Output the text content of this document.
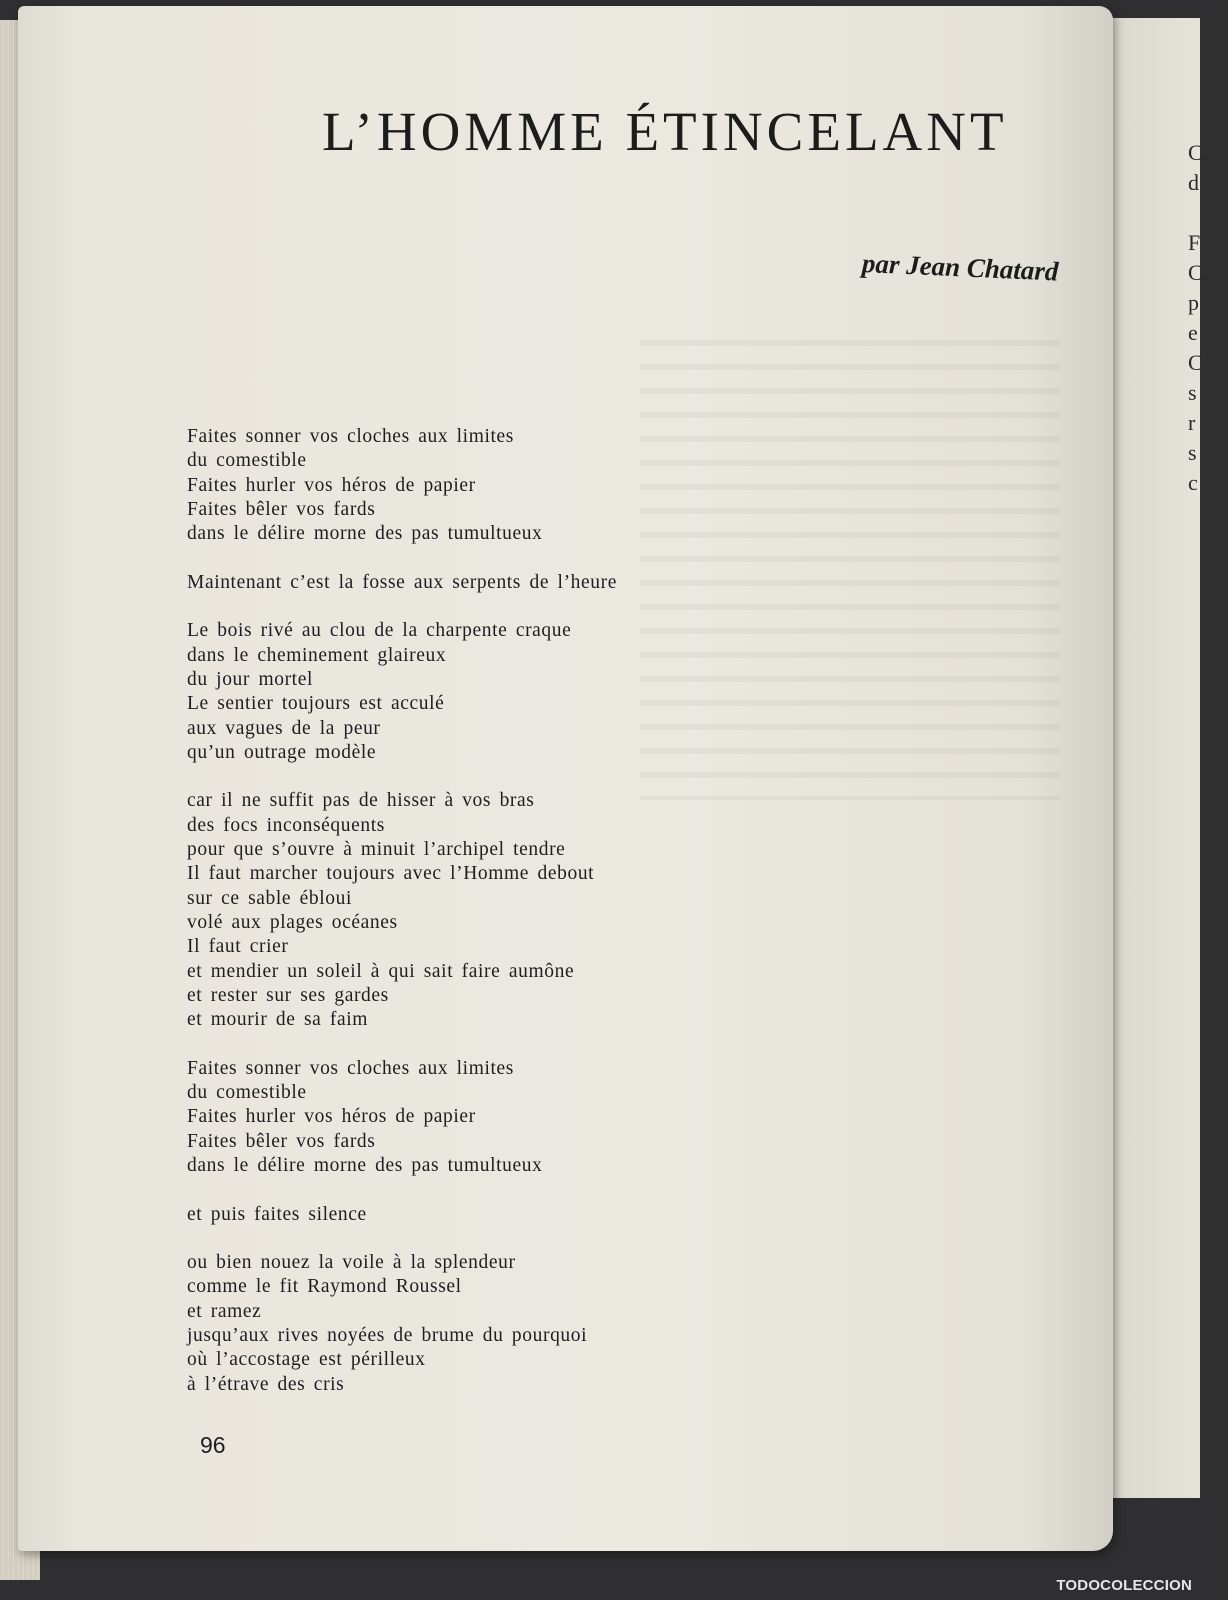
C
d

F
C
p
e
C
s
r
s
c
L’HOMME ÉTINCELANT
par Jean Chatard
Faites sonner vos cloches aux limites
du comestible
Faites hurler vos héros de papier
Faites bêler vos fards
dans le délire morne des pas tumultueux
Maintenant c’est la fosse aux serpents de l’heure
Le bois rivé au clou de la charpente craque
dans le cheminement glaireux
du jour mortel
Le sentier toujours est acculé
aux vagues de la peur
qu’un outrage modèle
car il ne suffit pas de hisser à vos bras
des focs inconséquents
pour que s’ouvre à minuit l’archipel tendre
Il faut marcher toujours avec l’Homme debout
sur ce sable ébloui
volé aux plages océanes
Il faut crier
et mendier un soleil à qui sait faire aumône
et rester sur ses gardes
et mourir de sa faim
Faites sonner vos cloches aux limites
du comestible
Faites hurler vos héros de papier
Faites bêler vos fards
dans le délire morne des pas tumultueux
et puis faites silence
ou bien nouez la voile à la splendeur
comme le fit Raymond Roussel
et ramez
jusqu’aux rives noyées de brume du pourquoi
où l’accostage est périlleux
à l’étrave des cris
96
TODOCOLECCION
